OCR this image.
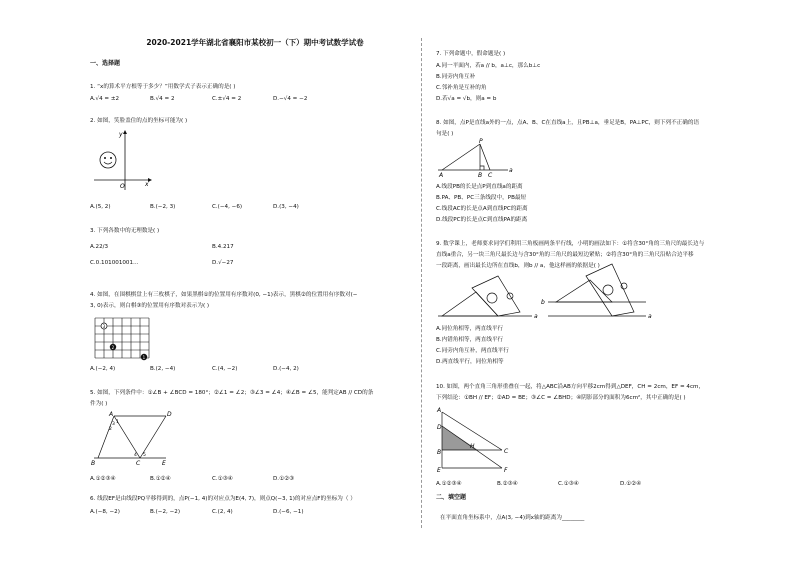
2020-2021学年湖北省襄阳市某校初一（下）期中考试数学试卷
一、选择题
1. “x的算术平方根等于多少？”用数学式子表示正确的是( )
A.√4 = ±2	B.√4 = 2	C.±√4 = 2	D.−√4 = −2
2. 如图，笑脸盖住的点的坐标可能为( )
y
x
O
A.(5, 2)	B.(−2, 3)	C.(−4, −6)	D.(3, −4)
3. 下列各数中的无理数是( )
A.22/3	B.4.217
C.0.101001001…	D.√−27
4. 如图，在围棋棋盘上有三枚棋子，如果黑棋①的位置用有序数对(0, −1)表示，黑棋②的位置用有序数对(−
3, 0)表示，则白棋③的位置用有序数对表示为( )
3
2
1
A.(−2, 4)	B.(2, −4)	C.(4, −2)	D.(−4, 2)
5. 如图，下列条件中：①∠B + ∠BCD = 180°；②∠1 = ∠2；③∠3 = ∠4；④∠B = ∠5，能判定AB // CD的条
件为( )
A	D
B	C	E
1
3
2
4 5
A.①②③④	B.①②④	C.①③④	D.①②③
6. 线段EF是由线段PQ平移得到的，点P(−1, 4)的对应点为E(4, 7)，则点Q(−3, 1)的对应点F的坐标为（ ）
A.(−8, −2)	B.(−2, −2)	C.(2, 4)	D.(−6, −1)
7. 下列命题中，假命题是( )
A.同一平面内，若a // b，a⊥c，那么b⊥c
B.同旁内角互补
C.邻补角是互补的角
D.若√a = √b，则a = b
8. 如图，点P是直线a外的一点，点A、B、C在直线a上，且PB⊥a，垂足是B，PA⊥PC，则下列不正确的语
句是( )
P
A	B C
a
A.线段PB的长是点P到直线a的距离
B.PA、PB、PC三条线段中，PB最短
C.线段AC的长是点A到直线PC的距离
D.线段PC的长是点C到直线PA的距离
9. 数学课上，老师要求同学们利用三角板画两条平行线，小明的画法如下：①将含30°角的三角尺的最长边与
直线a重合，另一块三角尺最长边与含30°角的三角尺的最短边紧贴；②将含30°角的三角尺沿贴合边平移
一段距离，画出最长边所在直线b，则b // a，他这样画的依据是( )
a
b
a
A.同位角相等，两直线平行
B.内错角相等，两直线平行
C.同旁内角互补，两直线平行
D.两直线平行，同位角相等
10. 如图，两个直角三角形重叠在一起，将△ABC沿AB方向平移2cm得到△DEF，CH = 2cm，EF = 4cm，
下列结论：①BH // EF；②AD = BE；③∠C = ∠BHD；④阴影部分的面积为6cm²，其中正确的是( )
A
D
B
E
H
C
F
A.①②③④	B.②③④	C.①③④	D.①②④
二、填空题
在平面直角坐标系中，点A(3, −4)到x轴的距离为________
